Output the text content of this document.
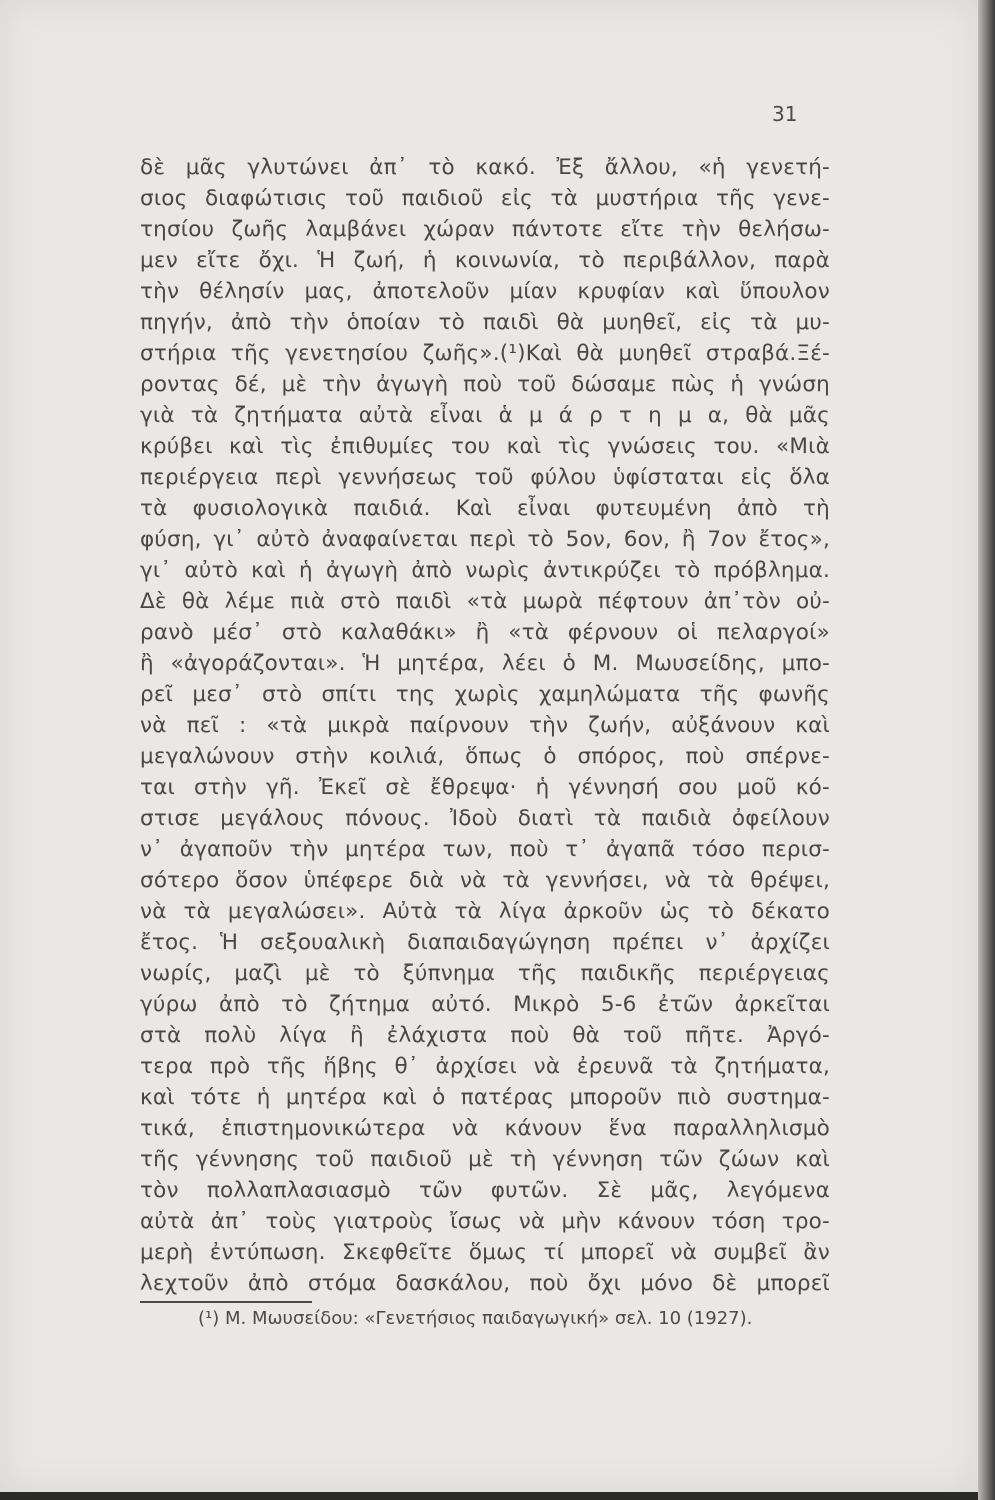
31
δὲ μᾶς γλυτώνει ἀπ᾽ τὸ κακό. Ἐξ ἄλλου, «ἡ γενετή-
σιος διαφώτισις τοῦ παιδιοῦ εἰς τὰ μυστήρια τῆς γενε-
τησίου ζωῆς λαμβάνει χώραν πάντοτε εἴτε τὴν θελήσω-
μεν εἴτε ὄχι. Ἡ ζωή, ἡ κοινωνία, τὸ περιβάλλον, παρὰ
τὴν θέλησίν μας, ἀποτελοῦν μίαν κρυφίαν καὶ ὕπουλον
πηγήν, ἀπὸ τὴν ὁποίαν τὸ παιδὶ θὰ μυηθεῖ, εἰς τὰ μυ-
στήρια τῆς γενετησίου ζωῆς».(¹)Καὶ θὰ μυηθεῖ στραβά.Ξέ-
ροντας δέ, μὲ τὴν ἀγωγὴ ποὺ τοῦ δώσαμε πὼς ἡ γνώση
γιὰ τὰ ζητήματα αὐτὰ εἶναι ἁ μ ά ρ τ η μ α, θὰ μᾶς
κρύβει καὶ τὶς ἐπιθυμίες του καὶ τὶς γνώσεις του. «Μιὰ
περιέργεια περὶ γεννήσεως τοῦ φύλου ὑφίσταται εἰς ὅλα
τὰ φυσιολογικὰ παιδιά. Καὶ εἶναι φυτευμένη ἀπὸ τὴ
φύση, γι᾽ αὐτὸ ἀναφαίνεται περὶ τὸ 5ον, 6ον, ἢ 7ον ἔτος»,
γι᾽ αὐτὸ καὶ ἡ ἀγωγὴ ἀπὸ νωρὶς ἀντικρύζει τὸ πρόβλημα.
Δὲ θὰ λέμε πιὰ στὸ παιδὶ «τὰ μωρὰ πέφτουν ἀπ᾽τὸν οὐ-
ρανὸ μέσ᾽ στὸ καλαθάκι» ἢ «τὰ φέρνουν οἱ πελαργοί»
ἢ «ἀγοράζονται». Ἡ μητέρα, λέει ὁ Μ. Μωυσείδης, μπο-
ρεῖ μεσ᾽ στὸ σπίτι της χωρὶς χαμηλώματα τῆς φωνῆς
νὰ πεῖ : «τὰ μικρὰ παίρνουν τὴν ζωήν, αὐξάνουν καὶ
μεγαλώνουν στὴν κοιλιά, ὅπως ὁ σπόρος, ποὺ σπέρνε-
ται στὴν γῆ. Ἐκεῖ σὲ ἔθρεψα· ἡ γέννησή σου μοῦ κό-
στισε μεγάλους πόνους. Ἰδοὺ διατὶ τὰ παιδιὰ ὀφείλουν
ν᾽ ἀγαποῦν τὴν μητέρα των, ποὺ τ᾽ ἀγαπᾶ τόσο περισ-
σότερο ὅσον ὑπέφερε διὰ νὰ τὰ γεννήσει, νὰ τὰ θρέψει,
νὰ τὰ μεγαλώσει». Αὐτὰ τὰ λίγα ἀρκοῦν ὡς τὸ δέκατο
ἔτος. Ἡ σεξουαλικὴ διαπαιδαγώγηση πρέπει ν᾽ ἀρχίζει
νωρίς, μαζὶ μὲ τὸ ξύπνημα τῆς παιδικῆς περιέργειας
γύρω ἀπὸ τὸ ζήτημα αὐτό. Μικρὸ 5-6 ἐτῶν ἀρκεῖται
στὰ πολὺ λίγα ἢ ἐλάχιστα ποὺ θὰ τοῦ πῆτε. Ἀργό-
τερα πρὸ τῆς ἥβης θ᾽ ἀρχίσει νὰ ἐρευνᾶ τὰ ζητήματα,
καὶ τότε ἡ μητέρα καὶ ὁ πατέρας μποροῦν πιὸ συστημα-
τικά, ἐπιστημονικώτερα νὰ κάνουν ἕνα παραλληλισμὸ
τῆς γέννησης τοῦ παιδιοῦ μὲ τὴ γέννηση τῶν ζώων καὶ
τὸν πολλαπλασιασμὸ τῶν φυτῶν. Σὲ μᾶς, λεγόμενα
αὐτὰ ἀπ᾽ τοὺς γιατροὺς ἴσως νὰ μὴν κάνουν τόση τρο-
μερὴ ἐντύπωση. Σκεφθεῖτε ὅμως τί μπορεῖ νὰ συμβεῖ ἂν
λεχτοῦν ἀπὸ στόμα δασκάλου, ποὺ ὄχι μόνο δὲ μπορεῖ
(¹) Μ. Μωυσείδου: «Γενετήσιος παιδαγωγική» σελ. 10 (1927).
